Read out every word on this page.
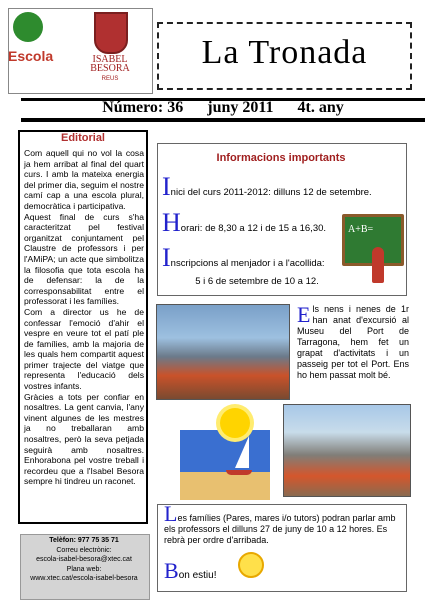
Escola	ISABEL BESORA
REUS
La Tronada
Número: 36 juny 2011 4t. any
Editorial
Com aquell qui no vol la cosa ja hem arribat al final del quart curs. I amb la mateixa energia del primer dia, seguim el nostre camí cap a una escola plural, democràtica i participativa.
Aquest final de curs s'ha caracteritzat pel festival organitzat conjuntament pel Claustre de professors i per l'AMiPA; un acte que simbolitza la filosofia que tota escola ha de defensar: la de la corresponsabilitat entre el professorat i les famílies.
Com a director us he de confessar l'emoció d'ahir el vespre en veure tot el patí ple de famílies, amb la majoria de les quals hem compartit aquest primer trajecte del viatge que representa l'educació dels vostres infants.
Gràcies a tots per confiar en nosaltres. La gent canvia, l'any vinent algunes de les mestres ja no treballaran amb nosaltres, però la seva petjada seguirà amb nosaltres. Enhorabona pel vostre treball i recordeu que a l'Isabel Besora sempre hi tindreu un raconet.
Telèfon: 977 75 35 71
Correu electrònic:
escola-isabel-besora@xtec.cat
Plana web:
www.xtec.cat/escola-isabel-besora
Informacions importants
Inici del curs 2011-2012: dilluns 12 de setembre.
Horari: de 8,30 a 12 i de 15 a 16,30.
Inscripcions al menjador i a l'acollida:
5 i 6 de setembre de 10 a 12.
A+B=
Els nens i nenes de 1r han anat d'excursió al Museu del Port de Tarragona, hem fet un grapat d'activitats i un passeig per tot el Port. Ens ho hem passat molt bé.
Les famílies (Pares, mares i/o tutors) podran parlar amb els professors el dilluns 27 de juny de 10 a 12 hores. Es rebrà per ordre d'arribada.
Bon estiu!
